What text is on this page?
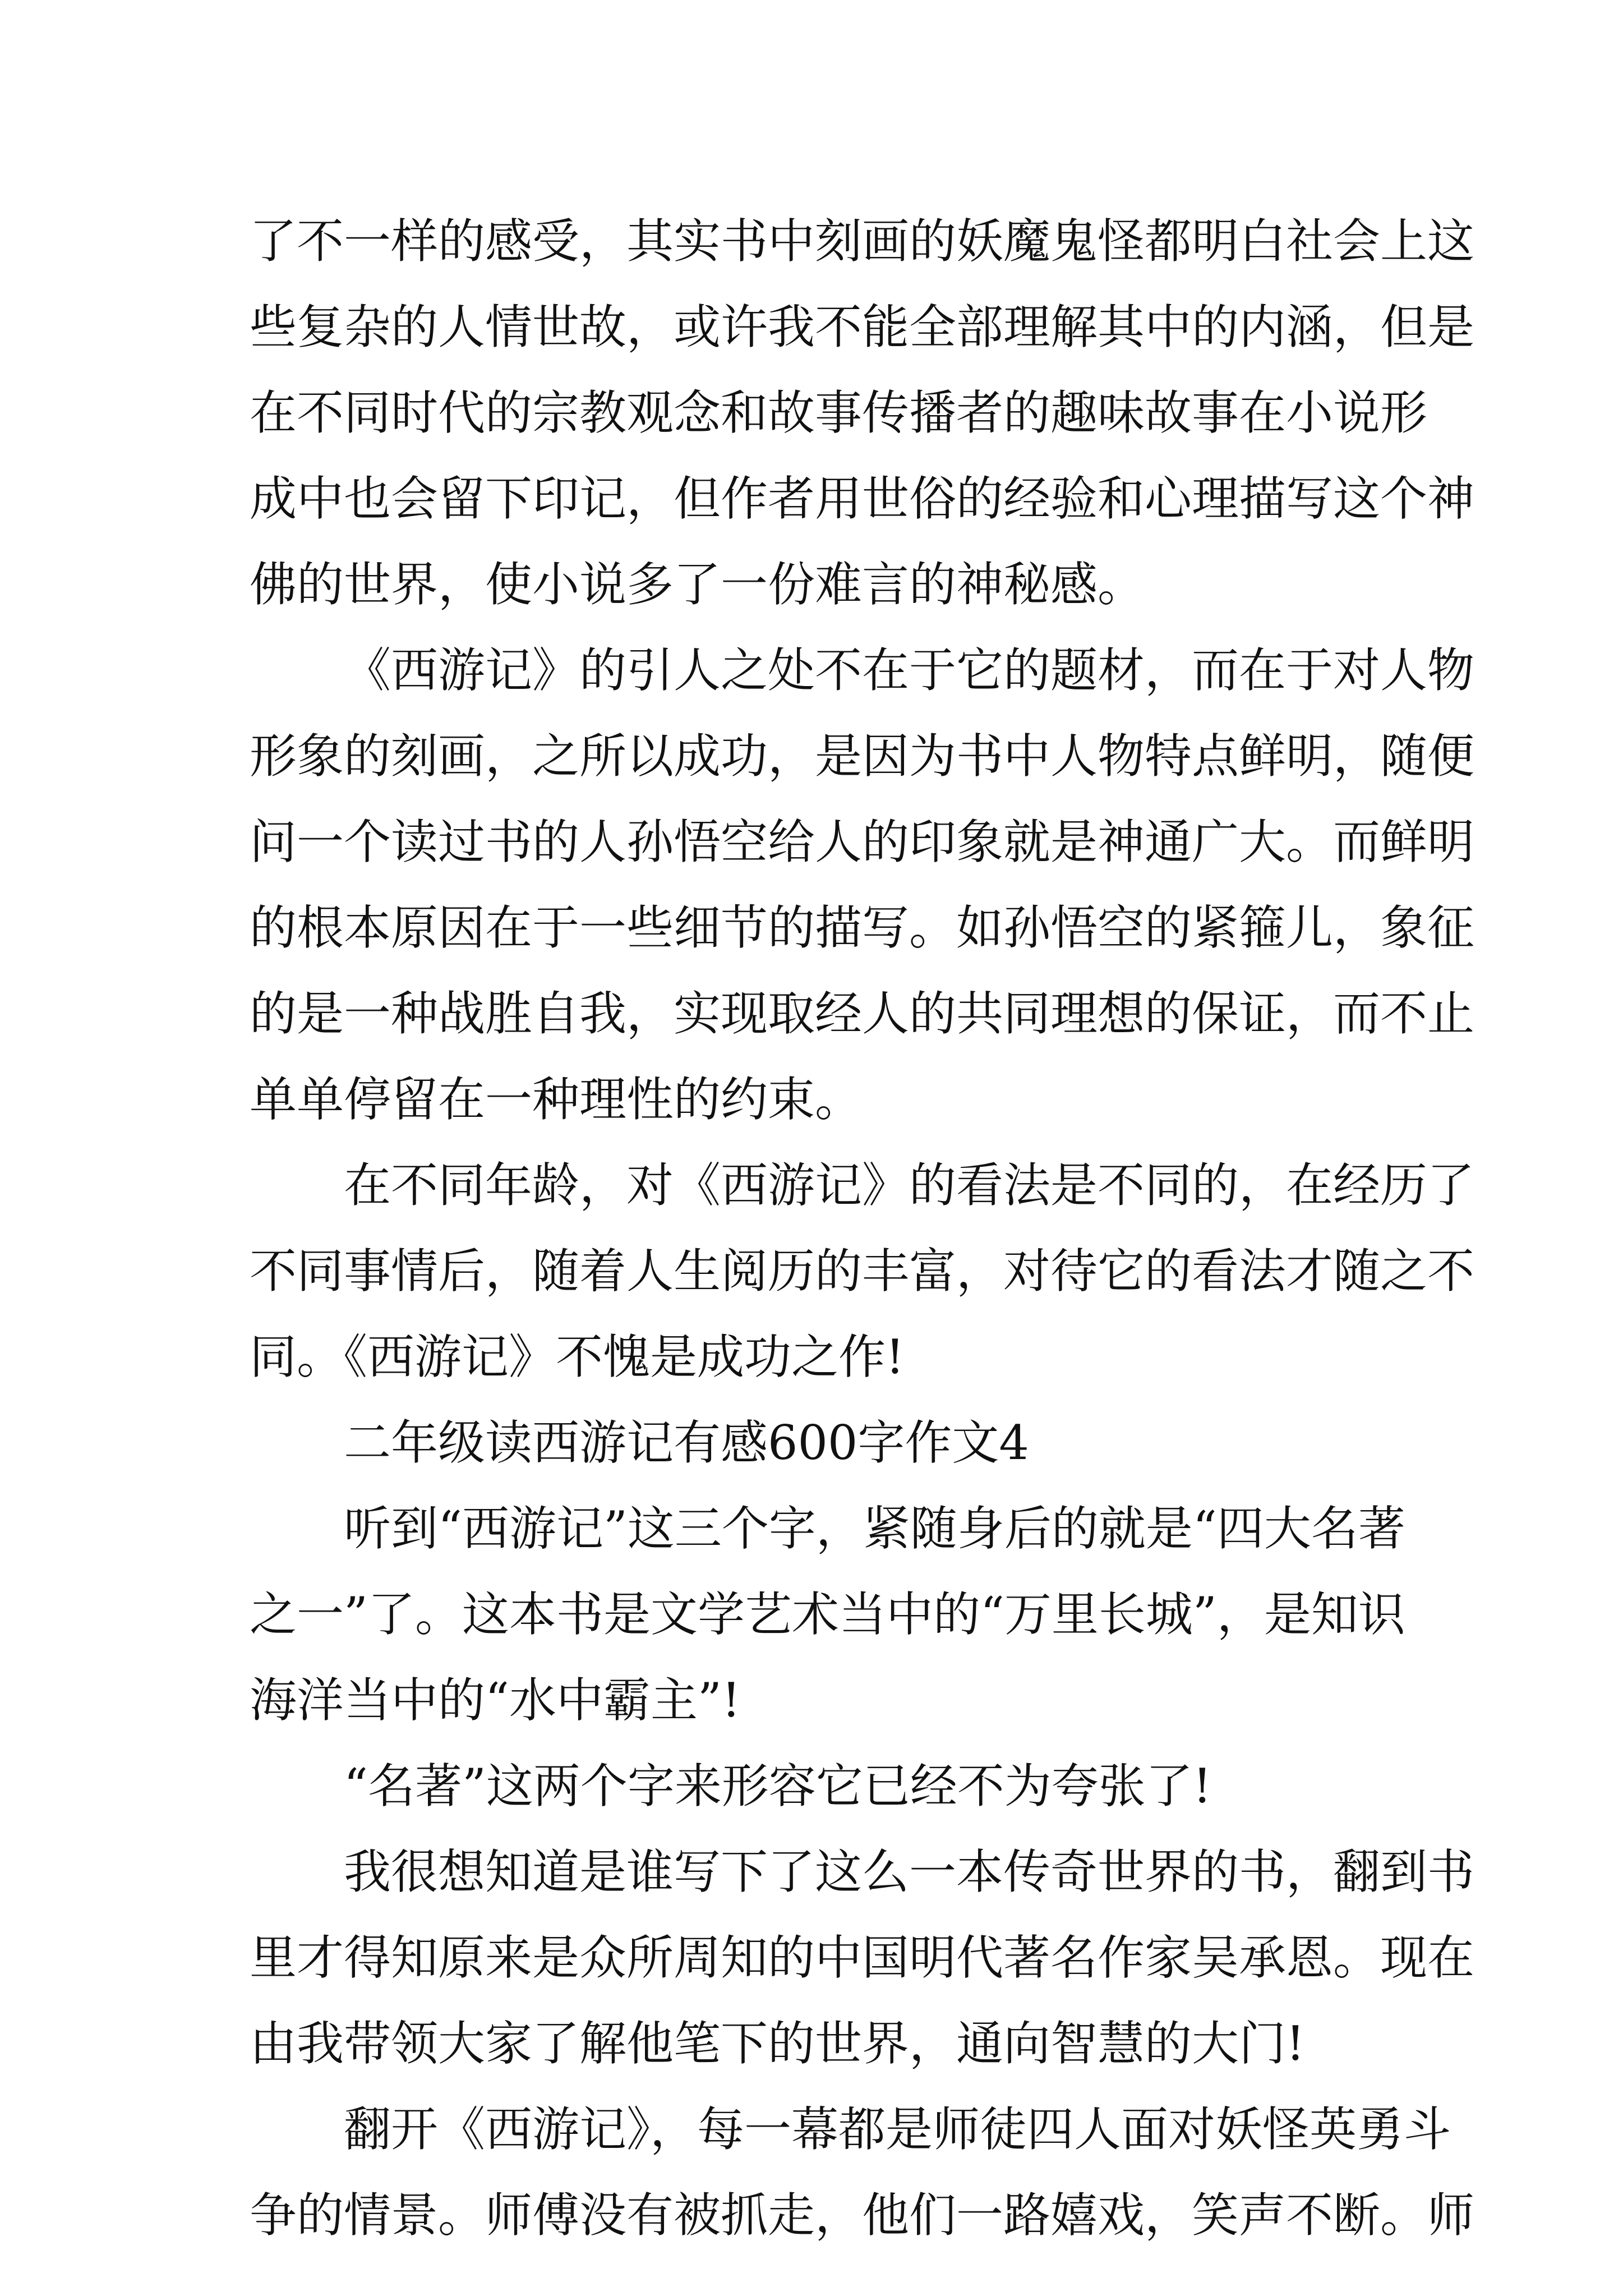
了不一样的感受，其实书中刻画的妖魔鬼怪都明白社会上这

些复杂的人情世故，或许我不能全部理解其中的内涵，但是

在不同时代的宗教观念和故事传播者的趣味故事在小说形

成中也会留下印记，但作者用世俗的经验和心理描写这个神

佛的世界，使小说多了一份难言的神秘感。

《西游记》的引人之处不在于它的题材，而在于对人物

形象的刻画，之所以成功，是因为书中人物特点鲜明，随便

问一个读过书的人孙悟空给人的印象就是神通广大。而鲜明

的根本原因在于一些细节的描写。如孙悟空的紧箍儿，象征

的是一种战胜自我，实现取经人的共同理想的保证，而不止

单单停留在一种理性的约束。

在不同年龄，对《西游记》的看法是不同的，在经历了

不同事情后，随着人生阅历的丰富，对待它的看法才随之不

同。《西游记》不愧是成功之作!

二年级读西游记有感600字作文4

听到“西游记”这三个字，紧随身后的就是“四大名著

之一”了。这本书是文学艺术当中的“万里长城”，是知识

海洋当中的“水中霸主”!

“名著”这两个字来形容它已经不为夸张了!

我很想知道是谁写下了这么一本传奇世界的书，翻到书

里才得知原来是众所周知的中国明代著名作家吴承恩。现在

由我带领大家了解他笔下的世界，通向智慧的大门!

翻开《西游记》，每一幕都是师徒四人面对妖怪英勇斗

争的情景。师傅没有被抓走，他们一路嬉戏，笑声不断。师
